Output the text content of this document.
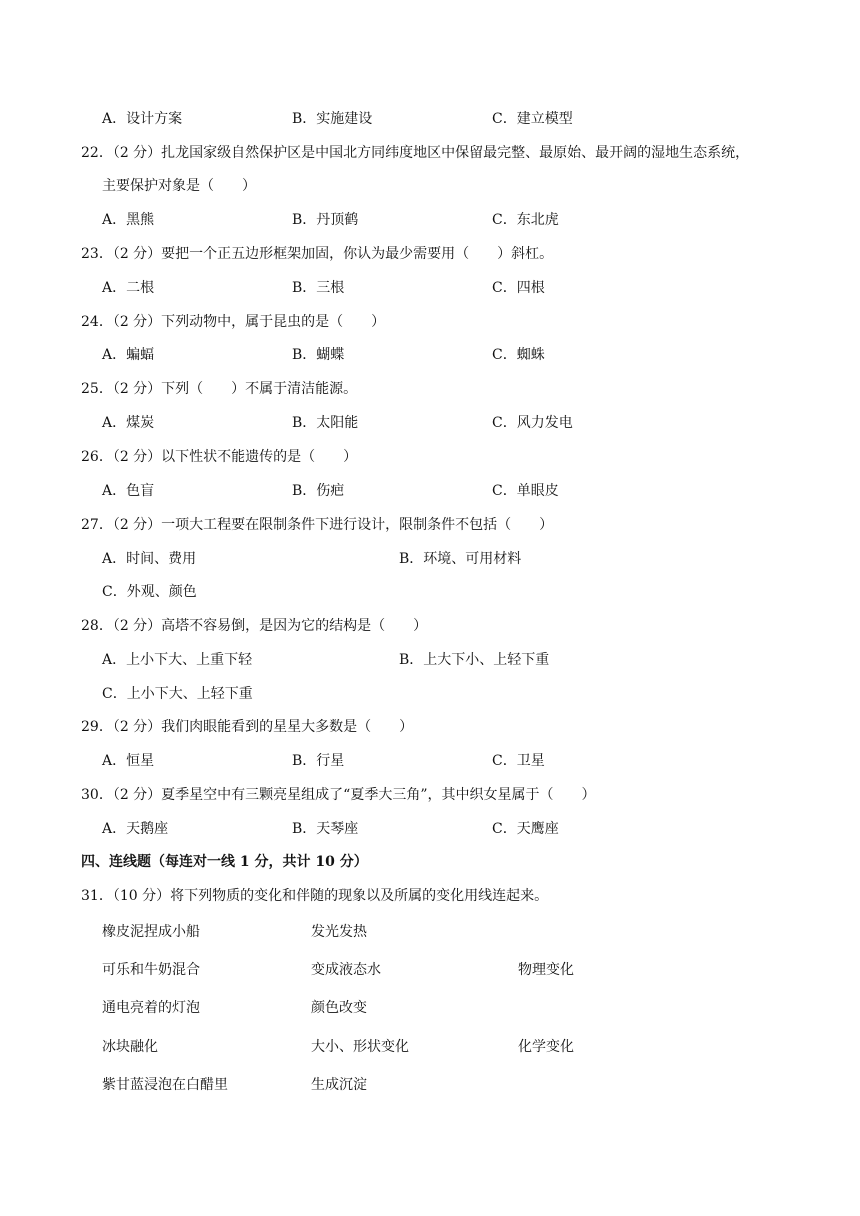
A．设计方案	B．实施建设	C．建立模型
22．（2 分）扎龙国家级自然保护区是中国北方同纬度地区中保留最完整、最原始、最开阔的湿地生态系统，
主要保护对象是（　　）
A．黑熊	B．丹顶鹤	C．东北虎
23．（2 分）要把一个正五边形框架加固，你认为最少需要用（　　）斜杠。
A．二根	B．三根	C．四根
24．（2 分）下列动物中，属于昆虫的是（　　）
A．蝙蝠	B．蝴蝶	C．蜘蛛
25．（2 分）下列（　　）不属于清洁能源。
A．煤炭	B．太阳能	C．风力发电
26．（2 分）以下性状不能遗传的是（　　）
A．色盲	B．伤疤	C．单眼皮
27．（2 分）一项大工程要在限制条件下进行设计，限制条件不包括（　　）
A．时间、费用	B．环境、可用材料
C．外观、颜色
28．（2 分）高塔不容易倒，是因为它的结构是（　　）
A．上小下大、上重下轻	B．上大下小、上轻下重
C．上小下大、上轻下重
29．（2 分）我们肉眼能看到的星星大多数是（　　）
A．恒星	B．行星	C．卫星
30．（2 分）夏季星空中有三颗亮星组成了“夏季大三角”，其中织女星属于（　　）
A．天鹅座	B．天琴座	C．天鹰座
四、连线题（每连对一线 1 分，共计 10 分）
31．（10 分）将下列物质的变化和伴随的现象以及所属的变化用线连起来。
橡皮泥捏成小船
可乐和牛奶混合
通电亮着的灯泡
冰块融化
紫甘蓝浸泡在白醋里
发光发热
变成液态水
颜色改变
大小、形状变化
生成沉淀
物理变化
化学变化
